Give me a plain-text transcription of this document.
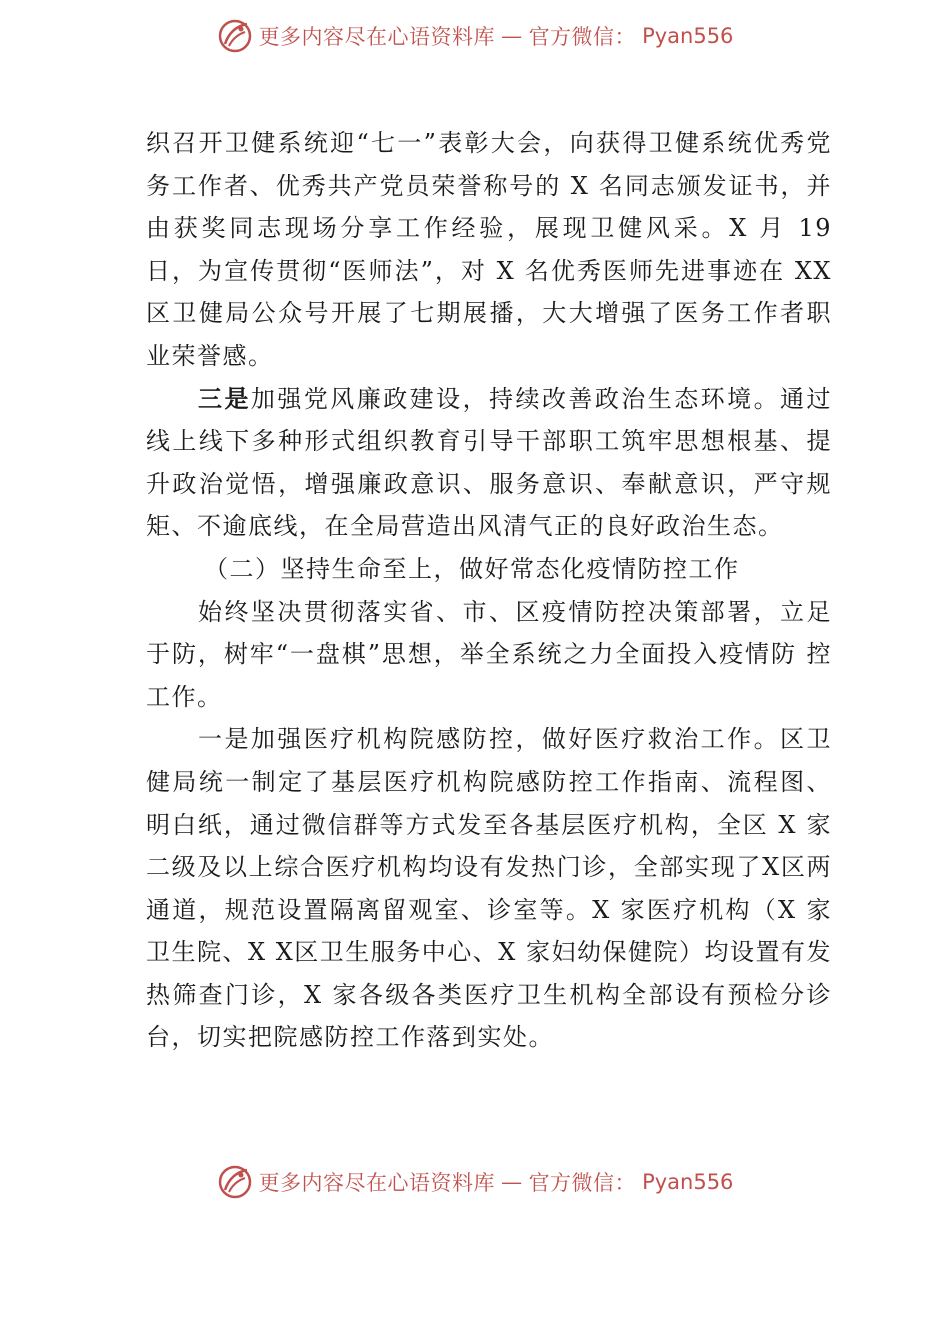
更多内容尽在心语资料库 — 官方微信： Pyan556

织召开卫健系统迎“七一”表彰大会，向获得卫健系统优秀党务工作者、优秀共产党员荣誉称号的 X 名同志颁发证书，并由获奖同志现场分享工作经验，展现卫健风采。X 月 19 日，为宣传贯彻“医师法”，对 X 名优秀医师先进事迹在 XX区卫健局公众号开展了七期展播，大大增强了医务工作者职业荣誉感。

三是加强党风廉政建设，持续改善政治生态环境。通过线上线下多种形式组织教育引导干部职工筑牢思想根基、提升政治觉悟，增强廉政意识、服务意识、奉献意识，严守规矩、不逾底线，在全局营造出风清气正的良好政治生态。

（二）坚持生命至上，做好常态化疫情防控工作

始终坚决贯彻落实省、市、区疫情防控决策部署，立足于防，树牢“一盘棋”思想，举全系统之力全面投入疫情防 控工作。

一是加强医疗机构院感防控，做好医疗救治工作。区卫健局统一制定了基层医疗机构院感防控工作指南、流程图、 明白纸，通过微信群等方式发至各基层医疗机构，全区 X 家二级及以上综合医疗机构均设有发热门诊，全部实现了X区两通道，规范设置隔离留观室、诊室等。X 家医疗机构（X 家卫生院、X X区卫生服务中心、X 家妇幼保健院）均设置有发热筛查门诊，X 家各级各类医疗卫生机构全部设有预检分诊台，切实把院感防控工作落到实处。

更多内容尽在心语资料库 — 官方微信： Pyan556
